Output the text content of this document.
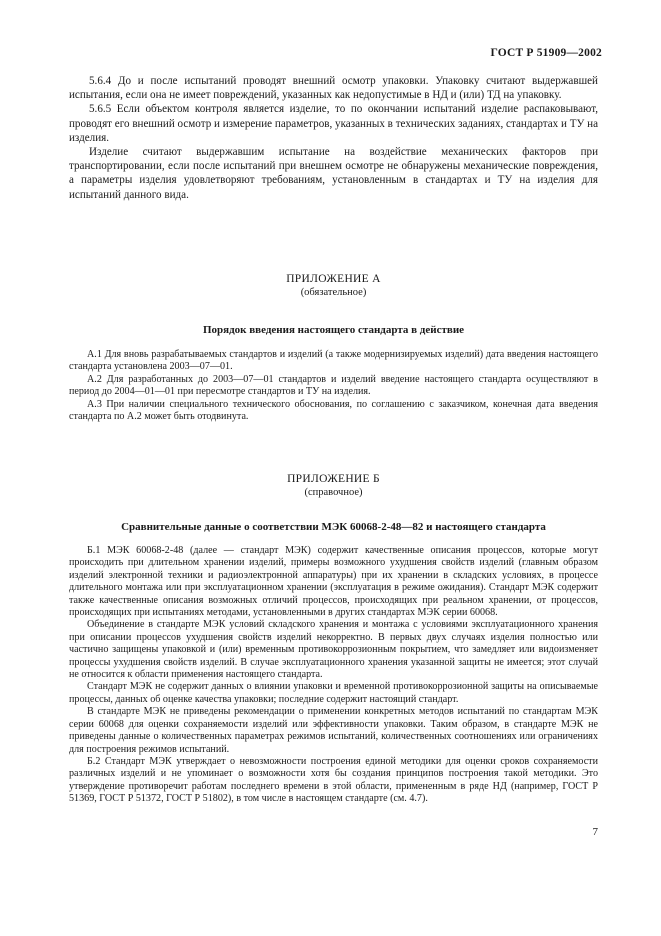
ГОСТ Р 51909—2002

5.6.4 До и после испытаний проводят внешний осмотр упаковки. Упаковку считают выдержавшей испытания, если она не имеет повреждений, указанных как недопустимые в НД и (или) ТД на упаковку.

5.6.5 Если объектом контроля является изделие, то по окончании испытаний изделие распаковывают, проводят его внешний осмотр и измерение параметров, указанных в технических заданиях, стандартах и ТУ на изделия.

Изделие считают выдержавшим испытание на воздействие механических факторов при транспортировании, если после испытаний при внешнем осмотре не обнаружены механические повреждения, а параметры изделия удовлетворяют требованиям, установленным в стандартах и ТУ на изделия для испытаний данного вида.

ПРИЛОЖЕНИЕ А
(обязательное)
Порядок введения настоящего стандарта в действие

А.1 Для вновь разрабатываемых стандартов и изделий (а также модернизируемых изделий) дата введения настоящего стандарта установлена 2003—07—01.

А.2 Для разработанных до 2003—07—01 стандартов и изделий введение настоящего стандарта осуществляют в период до 2004—01—01 при пересмотре стандартов и ТУ на изделия.

А.3 При наличии специального технического обоснования, по соглашению с заказчиком, конечная дата введения стандарта по А.2 может быть отодвинута.

ПРИЛОЖЕНИЕ Б
(справочное)
Сравнительные данные о соответствии МЭК 60068-2-48—82 и настоящего стандарта

Б.1 МЭК 60068-2-48 (далее — стандарт МЭК) содержит качественные описания процессов, которые могут происходить при длительном хранении изделий, примеры возможного ухудшения свойств изделий (главным образом изделий электронной техники и радиоэлектронной аппаратуры) при их хранении в складских условиях, в процессе длительного монтажа или при эксплуатационном хранении (эксплуатация в режиме ожидания). Стандарт МЭК содержит также качественные описания возможных отличий процессов, происходящих при реальном хранении, от процессов, происходящих при испытаниях методами, установленными в других стандартах МЭК серии 60068.

Объединение в стандарте МЭК условий складского хранения и монтажа с условиями эксплуатационного хранения при описании процессов ухудшения свойств изделий некорректно. В первых двух случаях изделия полностью или частично защищены упаковкой и (или) временным противокоррозионным покрытием, что замедляет или видоизменяет процессы ухудшения свойств изделий. В случае эксплуатационного хранения указанной защиты не имеется; этот случай не относится к области применения настоящего стандарта.

Стандарт МЭК не содержит данных о влиянии упаковки и временной противокоррозионной защиты на описываемые процессы, данных об оценке качества упаковки; последние содержит настоящий стандарт.

В стандарте МЭК не приведены рекомендации о применении конкретных методов испытаний по стандартам МЭК серии 60068 для оценки сохраняемости изделий или эффективности упаковки. Таким образом, в стандарте МЭК не приведены данные о количественных параметрах режимов испытаний, количественных соотношениях или ограничениях для построения режимов испытаний.

Б.2 Стандарт МЭК утверждает о невозможности построения единой методики для оценки сроков сохраняемости различных изделий и не упоминает о возможности хотя бы создания принципов построения такой методики. Это утверждение противоречит работам последнего времени в этой области, примененным в ряде НД (например, ГОСТ Р 51369, ГОСТ Р 51372, ГОСТ Р 51802), в том числе в настоящем стандарте (см. 4.7).

7
